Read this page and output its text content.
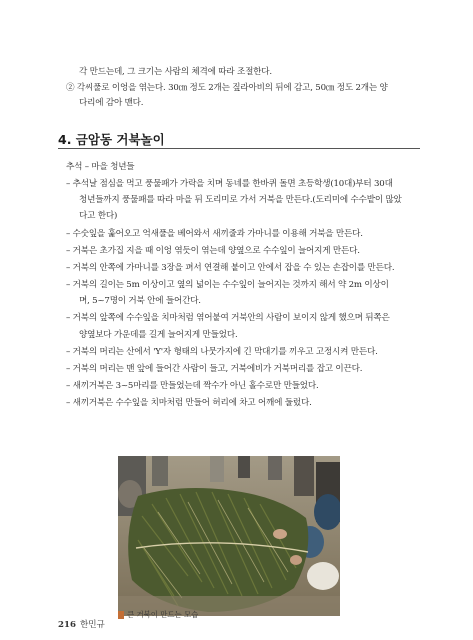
각 만드는데, 그 크기는 사람의 체격에 따라 조절한다.
② 각씨풀로 이엉을 엮는다. 30㎝ 정도 2개는 짚라아비의 뒤에 감고, 50㎝ 정도 2개는 양
다리에 감아 맨다.
4. 금암동 거북놀이
추석 – 마을 청년들
– 추석날 점심을 먹고 풍물패가 가락을 치며 동네를 한바퀴 돌면 초등학생(10대)부터 30대
청년들까지 풍물패를 따라 마을 뒤 도리미로 가서 거북을 만든다.(도리미에 수수밭이 많았
다고 한다)
– 수숫잎을 훑어오고 억새풀을 베어와서 새끼줄과 가마니를 이용해 거북을 만든다.
– 거북은 초가집 지을 때 이엉 엮듯이 엮는데 양옆으로 수수잎이 늘어지게 만든다.
– 거북의 안쪽에 가마니를 3장을 펴서 연결해 붙이고 안에서 잡을 수 있는 손잡이를 만든다.
– 거북의 길이는 5m 이상이고 옆의 넓이는 수수잎이 늘어지는 것까지 해서 약 2m 이상이
며, 5~7명이 거북 안에 들어간다.
– 거북의 앞쪽에 수수잎을 치마처럼 엮어붙여 거북안의 사람이 보이지 않게 했으며 뒤쪽은
양옆보다 가운데를 길게 늘어지게 만들었다.
– 거북의 머리는 산에서 'Y'자 형태의 나뭇가지에 긴 막대기를 끼우고 고정시켜 만든다.
– 거북의 머리는 맨 앞에 들어간 사람이 들고, 거북에비가 거북머리를 잡고 이끈다.
– 새끼거북은 3~5마리를 만들었는데 짝수가 아닌 홀수로만 만들었다.
– 새끼거북은 수수잎을 치마처럼 만들어 허리에 차고 어깨에 둘렀다.
큰 거북이 만드는 모습
216 한민규
